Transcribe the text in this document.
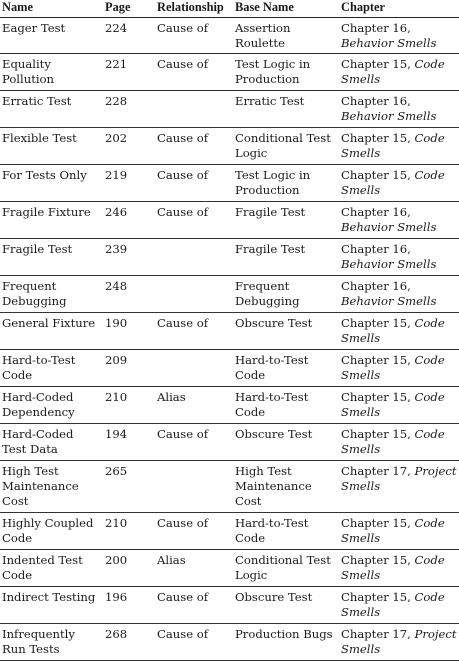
Name	Page	Relationship	Base Name	Chapter
Eager Test	224	Cause of	Assertion Roulette	Chapter 16, Behavior Smells
Equality Pollution	221	Cause of	Test Logic in Production	Chapter 15, Code Smells
Erratic Test	228		Erratic Test	Chapter 16, Behavior Smells
Flexible Test	202	Cause of	Conditional Test Logic	Chapter 15, Code Smells
For Tests Only	219	Cause of	Test Logic in Production	Chapter 15, Code Smells
Fragile Fixture	246	Cause of	Fragile Test	Chapter 16, Behavior Smells
Fragile Test	239		Fragile Test	Chapter 16, Behavior Smells
Frequent Debugging	248		Frequent Debugging	Chapter 16, Behavior Smells
General Fixture	190	Cause of	Obscure Test	Chapter 15, Code Smells
Hard-to-Test Code	209		Hard-to-Test Code	Chapter 15, Code Smells
Hard-Coded Dependency	210	Alias	Hard-to-Test Code	Chapter 15, Code Smells
Hard-Coded Test Data	194	Cause of	Obscure Test	Chapter 15, Code Smells
High Test Maintenance Cost	265		High Test Maintenance Cost	Chapter 17, Project Smells
Highly Coupled Code	210	Cause of	Hard-to-Test Code	Chapter 15, Code Smells
Indented Test Code	200	Alias	Conditional Test Logic	Chapter 15, Code Smells
Indirect Testing	196	Cause of	Obscure Test	Chapter 15, Code Smells
Infrequently Run Tests	268	Cause of	Production Bugs	Chapter 17, Project Smells
